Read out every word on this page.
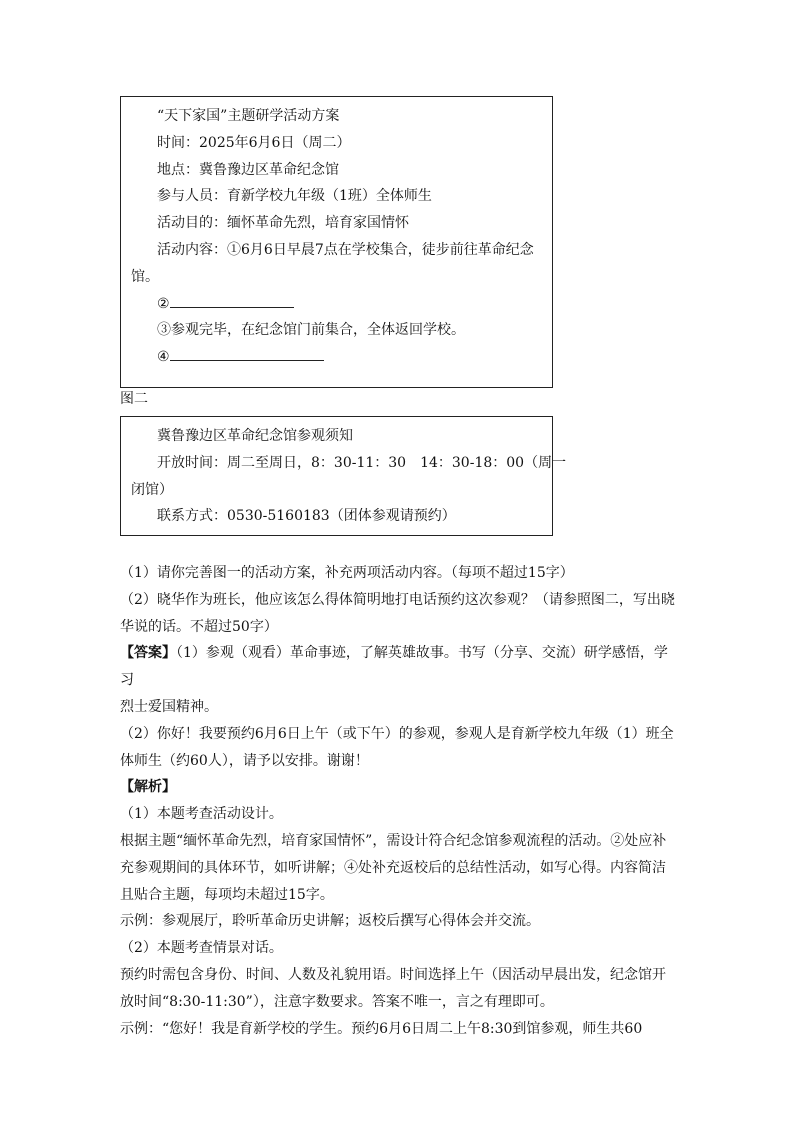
“天下家国”主题研学活动方案
时间：2025年6月6日（周二）
地点：冀鲁豫边区革命纪念馆
参与人员：育新学校九年级（1班）全体师生
活动目的：缅怀革命先烈，培育家国情怀
活动内容：①6月6日早晨7点在学校集合，徒步前往革命纪念
馆。
②
③参观完毕，在纪念馆门前集合，全体返回学校。
④
图二
冀鲁豫边区革命纪念馆参观须知
开放时间：周二至周日，8：30-11：30　14：30-18：00（周一
闭馆）
联系方式：0530-5160183（团体参观请预约）

（1）请你完善图一的活动方案，补充两项活动内容。（每项不超过15字）

（2）晓华作为班长，他应该怎么得体简明地打电话预约这次参观？（请参照图二，写出晓

华说的话。不超过50字）

【答案】（1）参观（观看）革命事迹，了解英雄故事。书写（分享、交流）研学感悟，学习

烈士爱国精神。

（2）你好！我要预约6月6日上午（或下午）的参观，参观人是育新学校九年级（1）班全

体师生（约60人），请予以安排。谢谢！

【解析】

（1）本题考查活动设计。

根据主题“缅怀革命先烈，培育家国情怀”，需设计符合纪念馆参观流程的活动。②处应补

充参观期间的具体环节，如听讲解；④处补充返校后的总结性活动，如写心得。内容简洁

且贴合主题，每项均未超过15字。

示例：参观展厅，聆听革命历史讲解；返校后撰写心得体会并交流。

（2）本题考查情景对话。

预约时需包含身份、时间、人数及礼貌用语。时间选择上午（因活动早晨出发，纪念馆开

放时间“8:30-11:30”），注意字数要求。答案不唯一，言之有理即可。

示例：“您好！我是育新学校的学生。预约6月6日周二上午8:30到馆参观，师生共60
